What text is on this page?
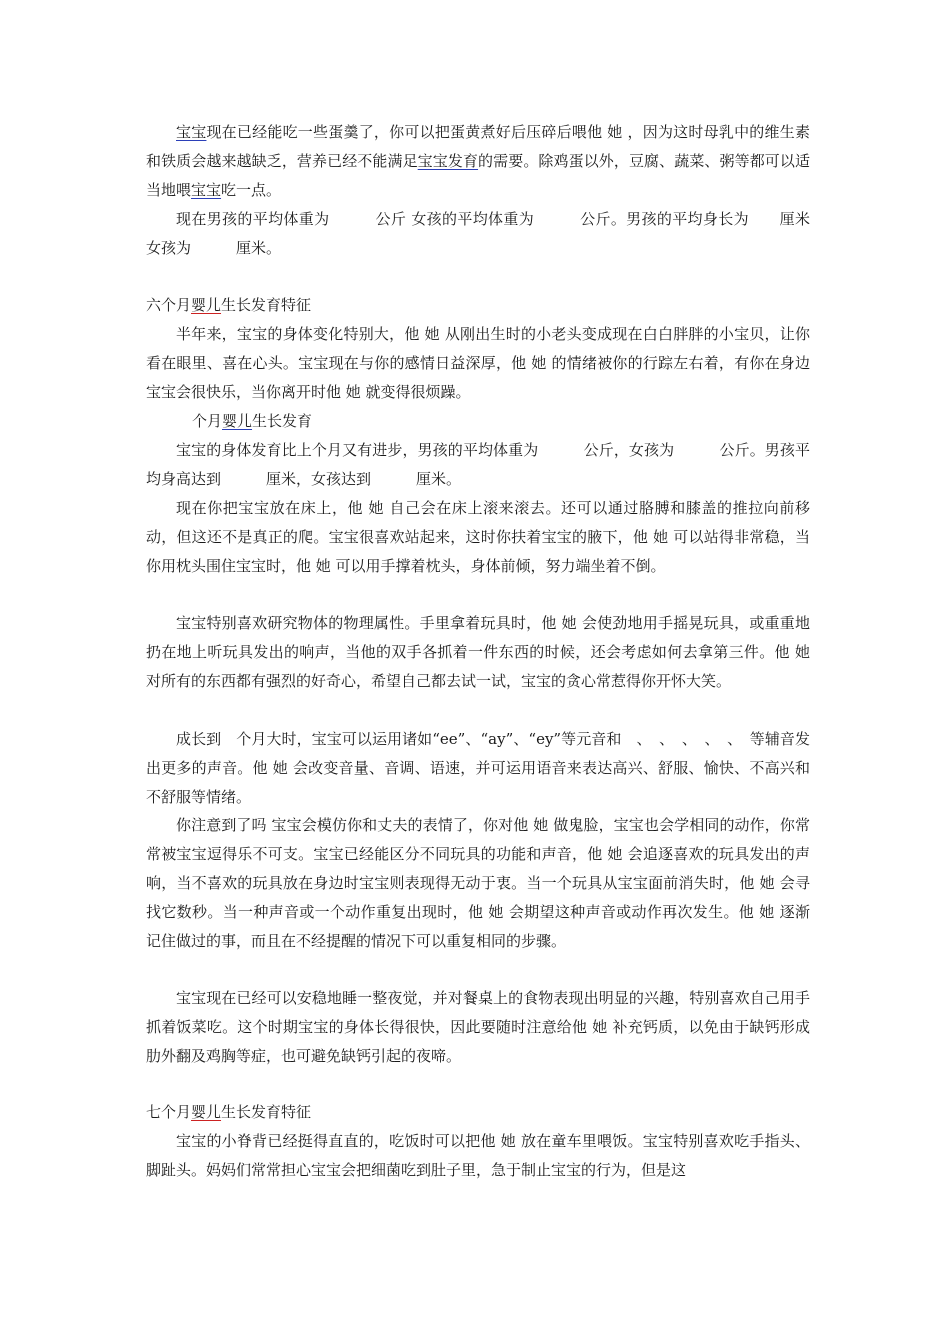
宝宝现在已经能吃一些蛋羹了，你可以把蛋黄煮好后压碎后喂他 她 ，因为这时母乳中的维生素和铁质会越来越缺乏，营养已经不能满足宝宝发育的需要。除鸡蛋以外，豆腐、蔬菜、粥等都可以适当地喂宝宝吃一点。

现在男孩的平均体重为　　　公斤 女孩的平均体重为　　　公斤。男孩的平均身长为　　厘米 女孩为　　　厘米。

六个月婴儿生长发育特征

半年来，宝宝的身体变化特别大，他 她 从刚出生时的小老头变成现在白白胖胖的小宝贝，让你看在眼里、喜在心头。宝宝现在与你的感情日益深厚，他 她 的情绪被你的行踪左右着，有你在身边宝宝会很快乐，当你离开时他 她 就变得很烦躁。

个月婴儿生长发育

宝宝的身体发育比上个月又有进步，男孩的平均体重为　　　公斤，女孩为　　　公斤。男孩平均身高达到　　　厘米，女孩达到　　　厘米。

现在你把宝宝放在床上，他 她 自己会在床上滚来滚去。还可以通过胳膊和膝盖的推拉向前移动，但这还不是真正的爬。宝宝很喜欢站起来，这时你扶着宝宝的腋下，他 她 可以站得非常稳，当你用枕头围住宝宝时，他 她 可以用手撑着枕头，身体前倾，努力端坐着不倒。

宝宝特别喜欢研究物体的物理属性。手里拿着玩具时，他 她 会使劲地用手摇晃玩具，或重重地扔在地上听玩具发出的响声，当他的双手各抓着一件东西的时候，还会考虑如何去拿第三件。他 她 对所有的东西都有强烈的好奇心，希望自己都去试一试，宝宝的贪心常惹得你开怀大笑。

成长到　个月大时，宝宝可以运用诸如“ee”、“ay”、“ey”等元音和　、　、　、　、　、　等辅音发出更多的声音。他 她 会改变音量、音调、语速，并可运用语音来表达高兴、舒服、愉快、不高兴和不舒服等情绪。

你注意到了吗 宝宝会模仿你和丈夫的表情了，你对他 她 做鬼脸，宝宝也会学相同的动作，你常常被宝宝逗得乐不可支。宝宝已经能区分不同玩具的功能和声音，他 她 会追逐喜欢的玩具发出的声响，当不喜欢的玩具放在身边时宝宝则表现得无动于衷。当一个玩具从宝宝面前消失时，他 她 会寻找它数秒。当一种声音或一个动作重复出现时，他 她 会期望这种声音或动作再次发生。他 她 逐渐记住做过的事，而且在不经提醒的情况下可以重复相同的步骤。

宝宝现在已经可以安稳地睡一整夜觉，并对餐桌上的食物表现出明显的兴趣，特别喜欢自己用手抓着饭菜吃。这个时期宝宝的身体长得很快，因此要随时注意给他 她 补充钙质，以免由于缺钙形成肋外翻及鸡胸等症，也可避免缺钙引起的夜啼。

七个月婴儿生长发育特征

宝宝的小脊背已经挺得直直的，吃饭时可以把他 她 放在童车里喂饭。宝宝特别喜欢吃手指头、脚趾头。妈妈们常常担心宝宝会把细菌吃到肚子里，急于制止宝宝的行为，但是这
